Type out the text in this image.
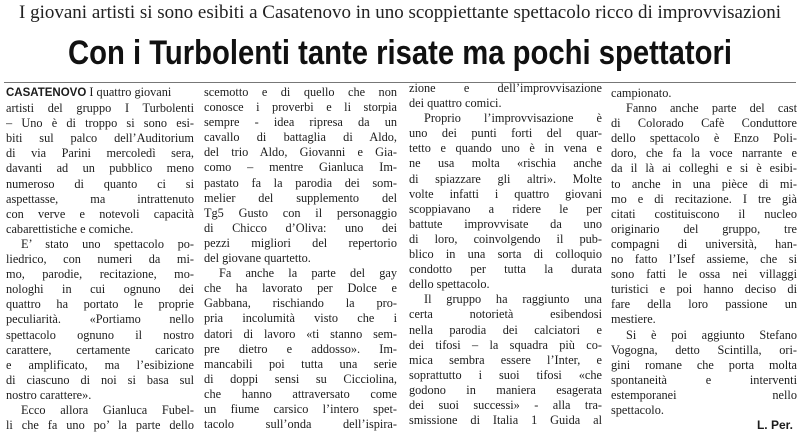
I giovani artisti si sono esibiti a Casatenovo in uno scoppiettante spettacolo ricco di improvvisazioni
Con i Turbolenti tante risate ma pochi spettatori
CASATENOVO I quattro giovani
artisti del gruppo I Turbolenti
– Uno è di troppo si sono esi-
biti sul palco dell’Auditorium
di via Parini mercoledì sera,
davanti ad un pubblico meno
numeroso di quanto ci si
aspettasse, ma intrattenuto
con verve e notevoli capacità
cabarettistiche e comiche.
E’ stato uno spettacolo po-
liedrico, con numeri da mi-
mo, parodie, recitazione, mo-
nologhi in cui ognuno dei
quattro ha portato le proprie
peculiarità. «Portiamo nello
spettacolo ognuno il nostro
carattere, certamente caricato
e amplificato, ma l’esibizione
di ciascuno di noi si basa sul
nostro carattere».
Ecco allora Gianluca Fubel-
li che fa uno po’ la parte dello
scemotto e di quello che non
conosce i proverbi e li storpia
sempre - idea ripresa da un
cavallo di battaglia di Aldo,
del trio Aldo, Giovanni e Gia-
como – mentre Gianluca Im-
pastato fa la parodia dei som-
melier del supplemento del
Tg5 Gusto con il personaggio
di Chicco d’Oliva: uno dei
pezzi migliori del repertorio
del giovane quartetto.
Fa anche la parte del gay
che ha lavorato per Dolce e
Gabbana, rischiando la pro-
pria incolumità visto che i
datori di lavoro «ti stanno sem-
pre dietro e addosso». Im-
mancabili poi tutta una serie
di doppi sensi su Cicciolina,
che hanno attraversato come
un fiume carsico l’intero spet-
tacolo sull’onda dell’ispira-
zione e dell’improvvisazione
dei quattro comici.
Proprio l’improvvisazione è
uno dei punti forti del quar-
tetto e quando uno è in vena e
ne usa molta «rischia anche
di spiazzare gli altri». Molte
volte infatti i quattro giovani
scoppiavano a ridere le per
battute improvvisate da uno
di loro, coinvolgendo il pub-
blico in una sorta di colloquio
condotto per tutta la durata
dello spettacolo.
Il gruppo ha raggiunto una
certa notorietà esibendosi
nella parodia dei calciatori e
dei tifosi – la squadra più co-
mica sembra essere l’Inter, e
soprattutto i suoi tifosi «che
godono in maniera esagerata
dei suoi successi» - alla tra-
smissione di Italia 1 Guida al
campionato.
Fanno anche parte del cast
di Colorado Cafè Conduttore
dello spettacolo è Enzo Poli-
doro, che fa la voce narrante e
da il là ai colleghi e si è esibi-
to anche in una pièce di mi-
mo e di recitazione. I tre già
citati costituiscono il nucleo
originario del gruppo, tre
compagni di università, han-
no fatto l’Isef assieme, che si
sono fatti le ossa nei villaggi
turistici e poi hanno deciso di
fare della loro passione un
mestiere.
Si è poi aggiunto Stefano
Vogogna, detto Scintilla, ori-
gini romane che porta molta
spontaneità e interventi
estemporanei nello
spettacolo.
L. Per.
